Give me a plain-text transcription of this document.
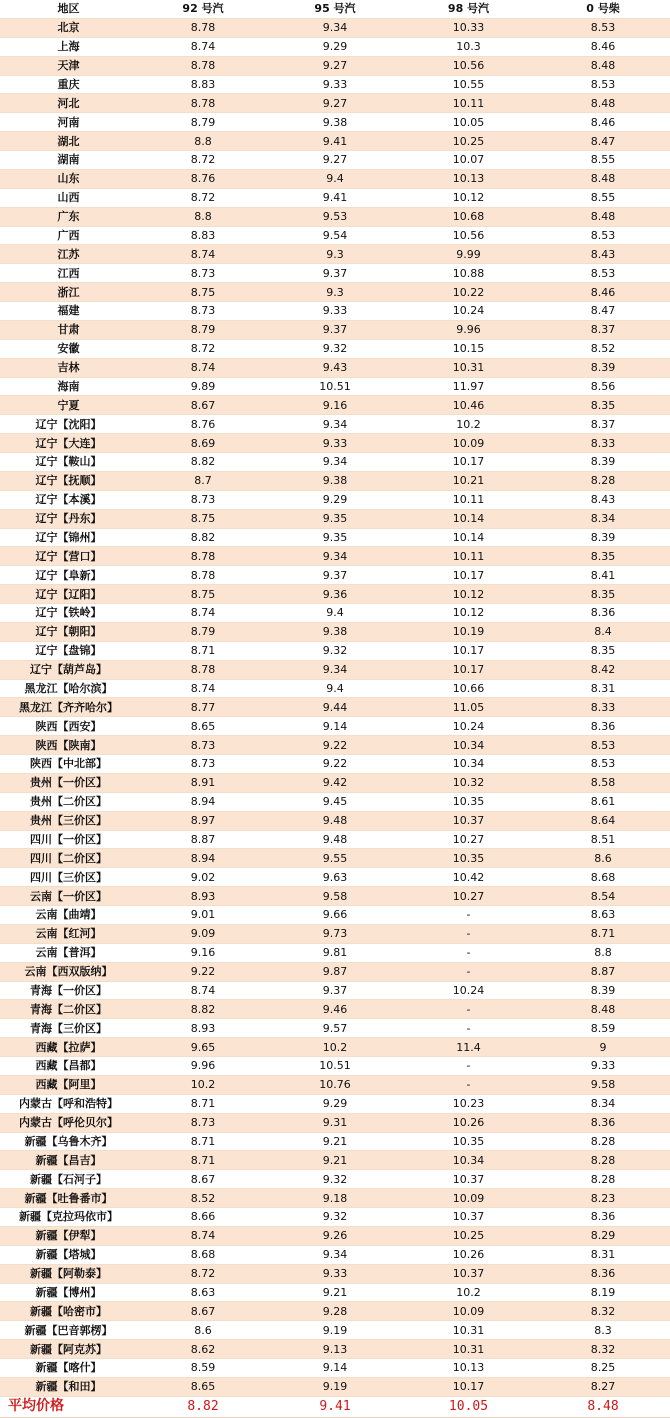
地区	92 号汽	95 号汽	98 号汽	0 号柴
北京	8.78	9.34	10.33	8.53
上海	8.74	9.29	10.3	8.46
天津	8.78	9.27	10.56	8.48
重庆	8.83	9.33	10.55	8.53
河北	8.78	9.27	10.11	8.48
河南	8.79	9.38	10.05	8.46
湖北	8.8	9.41	10.25	8.47
湖南	8.72	9.27	10.07	8.55
山东	8.76	9.4	10.13	8.48
山西	8.72	9.41	10.12	8.55
广东	8.8	9.53	10.68	8.48
广西	8.83	9.54	10.56	8.53
江苏	8.74	9.3	9.99	8.43
江西	8.73	9.37	10.88	8.53
浙江	8.75	9.3	10.22	8.46
福建	8.73	9.33	10.24	8.47
甘肃	8.79	9.37	9.96	8.37
安徽	8.72	9.32	10.15	8.52
吉林	8.74	9.43	10.31	8.39
海南	9.89	10.51	11.97	8.56
宁夏	8.67	9.16	10.46	8.35
辽宁【沈阳】	8.76	9.34	10.2	8.37
辽宁【大连】	8.69	9.33	10.09	8.33
辽宁【鞍山】	8.82	9.34	10.17	8.39
辽宁【抚顺】	8.7	9.38	10.21	8.28
辽宁【本溪】	8.73	9.29	10.11	8.43
辽宁【丹东】	8.75	9.35	10.14	8.34
辽宁【锦州】	8.82	9.35	10.14	8.39
辽宁【营口】	8.78	9.34	10.11	8.35
辽宁【阜新】	8.78	9.37	10.17	8.41
辽宁【辽阳】	8.75	9.36	10.12	8.35
辽宁【铁岭】	8.74	9.4	10.12	8.36
辽宁【朝阳】	8.79	9.38	10.19	8.4
辽宁【盘锦】	8.71	9.32	10.17	8.35
辽宁【葫芦岛】	8.78	9.34	10.17	8.42
黑龙江【哈尔滨】	8.74	9.4	10.66	8.31
黑龙江【齐齐哈尔】	8.77	9.44	11.05	8.33
陕西【西安】	8.65	9.14	10.24	8.36
陕西【陕南】	8.73	9.22	10.34	8.53
陕西【中北部】	8.73	9.22	10.34	8.53
贵州【一价区】	8.91	9.42	10.32	8.58
贵州【二价区】	8.94	9.45	10.35	8.61
贵州【三价区】	8.97	9.48	10.37	8.64
四川【一价区】	8.87	9.48	10.27	8.51
四川【二价区】	8.94	9.55	10.35	8.6
四川【三价区】	9.02	9.63	10.42	8.68
云南【一价区】	8.93	9.58	10.27	8.54
云南【曲靖】	9.01	9.66	-	8.63
云南【红河】	9.09	9.73	-	8.71
云南【普洱】	9.16	9.81	-	8.8
云南【西双版纳】	9.22	9.87	-	8.87
青海【一价区】	8.74	9.37	10.24	8.39
青海【二价区】	8.82	9.46	-	8.48
青海【三价区】	8.93	9.57	-	8.59
西藏【拉萨】	9.65	10.2	11.4	9
西藏【昌都】	9.96	10.51	-	9.33
西藏【阿里】	10.2	10.76	-	9.58
内蒙古【呼和浩特】	8.71	9.29	10.23	8.34
内蒙古【呼伦贝尔】	8.73	9.31	10.26	8.36
新疆【乌鲁木齐】	8.71	9.21	10.35	8.28
新疆【昌吉】	8.71	9.21	10.34	8.28
新疆【石河子】	8.67	9.32	10.37	8.28
新疆【吐鲁番市】	8.52	9.18	10.09	8.23
新疆【克拉玛依市】	8.66	9.32	10.37	8.36
新疆【伊犁】	8.74	9.26	10.25	8.29
新疆【塔城】	8.68	9.34	10.26	8.31
新疆【阿勒泰】	8.72	9.33	10.37	8.36
新疆【博州】	8.63	9.21	10.2	8.19
新疆【哈密市】	8.67	9.28	10.09	8.32
新疆【巴音郭楞】	8.6	9.19	10.31	8.3
新疆【阿克苏】	8.62	9.13	10.31	8.32
新疆【喀什】	8.59	9.14	10.13	8.25
新疆【和田】	8.65	9.19	10.17	8.27
平均价格	8.82	9.41	10.05	8.48
